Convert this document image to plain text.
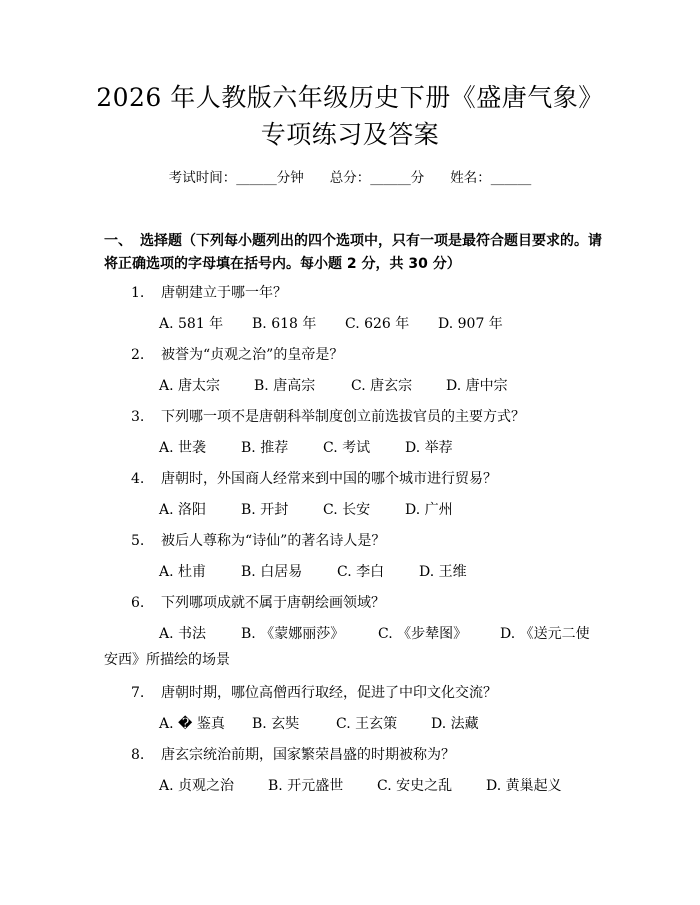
2026 年人教版六年级历史下册《盛唐气象》
专项练习及答案
考试时间：______分钟 总分：______分 姓名：______
一、 选择题（下列每小题列出的四个选项中，只有一项是最符合题目要求的。请
将正确选项的字母填在括号内。每小题 2 分，共 30 分）
1. 唐朝建立于哪一年？
A. 581 年 B. 618 年 C. 626 年 D. 907 年
2. 被誉为“贞观之治”的皇帝是？
A. 唐太宗 B. 唐高宗	C. 唐玄宗 D. 唐中宗
3. 下列哪一项不是唐朝科举制度创立前选拔官员的主要方式？
A. 世袭 B. 推荐 C. 考试 D. 举荐
4. 唐朝时，外国商人经常来到中国的哪个城市进行贸易？
A. 洛阳 B. 开封 C. 长安 D. 广州
5. 被后人尊称为“诗仙”的著名诗人是？
A. 杜甫 B. 白居易 C. 李白 D. 王维
6. 下列哪项成就不属于唐朝绘画领域？
A. 书法 B. 《蒙娜丽莎》 C. 《步辇图》 D. 《送元二使
安西》所描绘的场景
7. 唐朝时期，哪位高僧西行取经，促进了中印文化交流？
A. � 鉴真 B. 玄奘	C. 王玄策 D. 法藏
8. 唐玄宗统治前期，国家繁荣昌盛的时期被称为？
A. 贞观之治 B. 开元盛世 C. 安史之乱 D. 黄巢起义
